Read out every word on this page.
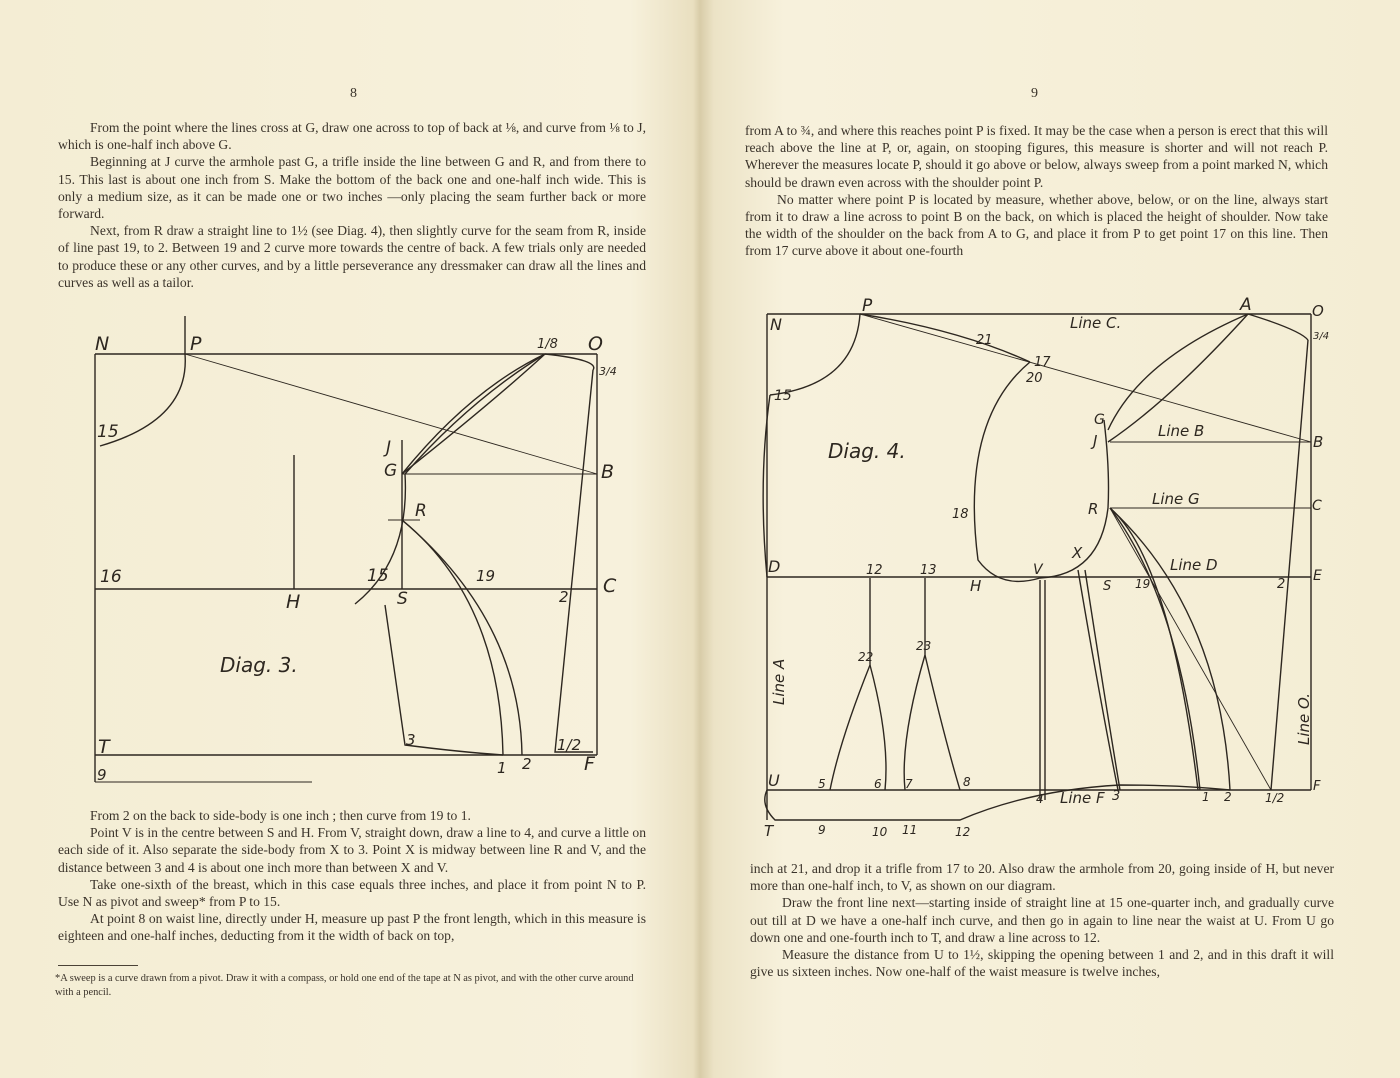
8

From the point where the lines cross at G, draw one across to top of back at ⅛, and curve from ⅛ to J, which is one-half inch above G.

Beginning at J curve the armhole past G, a trifle inside the line between G and R, and from there to 15. This last is about one inch from S. Make the bottom of the back one and one-half inch wide. This is only a medium size, as it can be made one or two inches —only placing the seam further back or more forward.

Next, from R draw a straight line to 1½ (see Diag. 4), then slightly curve for the seam from R, inside of line past 19, to 2. Between 19 and 2 curve more towards the centre of back. A few trials only are needed to produce these or any other curves, and by a little perseverance any dressmaker can draw all the lines and curves as well as a tailor.

N	P	1/8 O
3/4
15
J
G	B
R
16	15	19
S
H	2 C
Diag. 3.
3	1/2
T
9	1 2	F

From 2 on the back to side-body is one inch ; then curve from 19 to 1.

Point V is in the centre between S and H. From V, straight down, draw a line to 4, and curve a little on each side of it. Also separate the side-body from X to 3. Point X is midway between line R and V, and the distance between 3 and 4 is about one inch more than between X and V.

Take one-sixth of the breast, which in this case equals three inches, and place it from point N to P. Use N as pivot and sweep* from P to 15.

At point 8 on waist line, directly under H, measure up past P the front length, which in this measure is eighteen and one-half inches, deducting from it the width of back on top,

*A sweep is a curve drawn from a pivot. Draw it with a compass, or hold one end of the tape at N as pivot, and with the other curve around with a pencil.
9

from A to ¾, and where this reaches point P is fixed. It may be the case when a person is erect that this will reach above the line at P, or, again, on stooping figures, this measure is shorter and will not reach P. Wherever the measures locate P, should it go above or below, always sweep from a point marked N, which should be drawn even across with the shoulder point P.

No matter where point P is located by measure, whether above, below, or on the line, always start from it to draw a line across to point B on the back, on which is placed the height of shoulder. Now take the width of the shoulder on the back from A to G, and place it from P to get point 17 on this line. Then from 17 curve above it about one-fourth

N
P	A	O
3/4
Line C.
21
17
20
15
G
J
Line B
B
Diag. 4.
R
Line G	C
18
X
D	12	13
H
V
S 19
Line D
2
E
22
23
Line A
Line O.
U	5	6 7	8
4 Line F 3	1 2	1/2
F
T	9	10 11	12

inch at 21, and drop it a trifle from 17 to 20. Also draw the armhole from 20, going inside of H, but never more than one-half inch, to V, as shown on our diagram.

Draw the front line next—starting inside of straight line at 15 one-quarter inch, and gradually curve out till at D we have a one-half inch curve, and then go in again to line near the waist at U. From U go down one and one-fourth inch to T, and draw a line across to 12.

Measure the distance from U to 1½, skipping the opening between 1 and 2, and in this draft it will give us sixteen inches. Now one-half of the waist measure is twelve inches,
